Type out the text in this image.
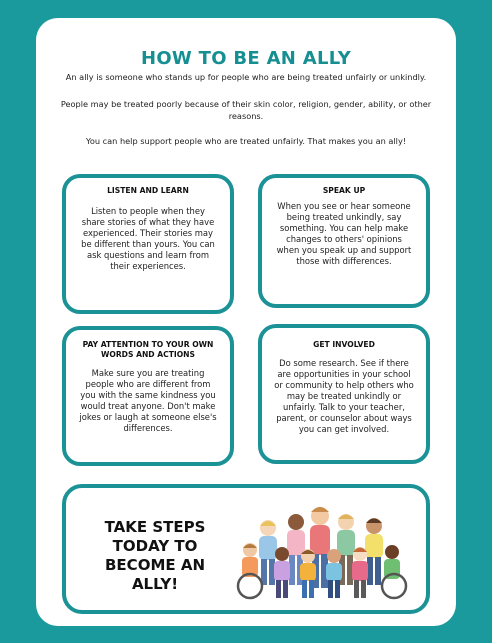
HOW TO BE AN ALLY
An ally is someone who stands up for people who are being treated unfairly or unkindly.
People may be treated poorly because of their skin color, religion, gender, ability, or other reasons.
You can help support people who are treated unfairly. That makes you an ally!
LISTEN AND LEARN
Listen to people when they share stories of what they have experienced. Their stories may be different than yours. You can ask questions and learn from their experiences.
SPEAK UP
When you see or hear someone being treated unkindly, say something. You can help make changes to others' opinions when you speak up and support those with differences.
PAY ATTENTION TO YOUR OWN WORDS AND ACTIONS
Make sure you are treating people who are different from you with the same kindness you would treat anyone. Don't make jokes or laugh at someone else's differences.
GET INVOLVED
Do some research. See if there are opportunities in your school or community to help others who may be treated unkindly or unfairly. Talk to your teacher, parent, or counselor about ways you can get involved.
TAKE STEPS TODAY TO BECOME AN ALLY!
